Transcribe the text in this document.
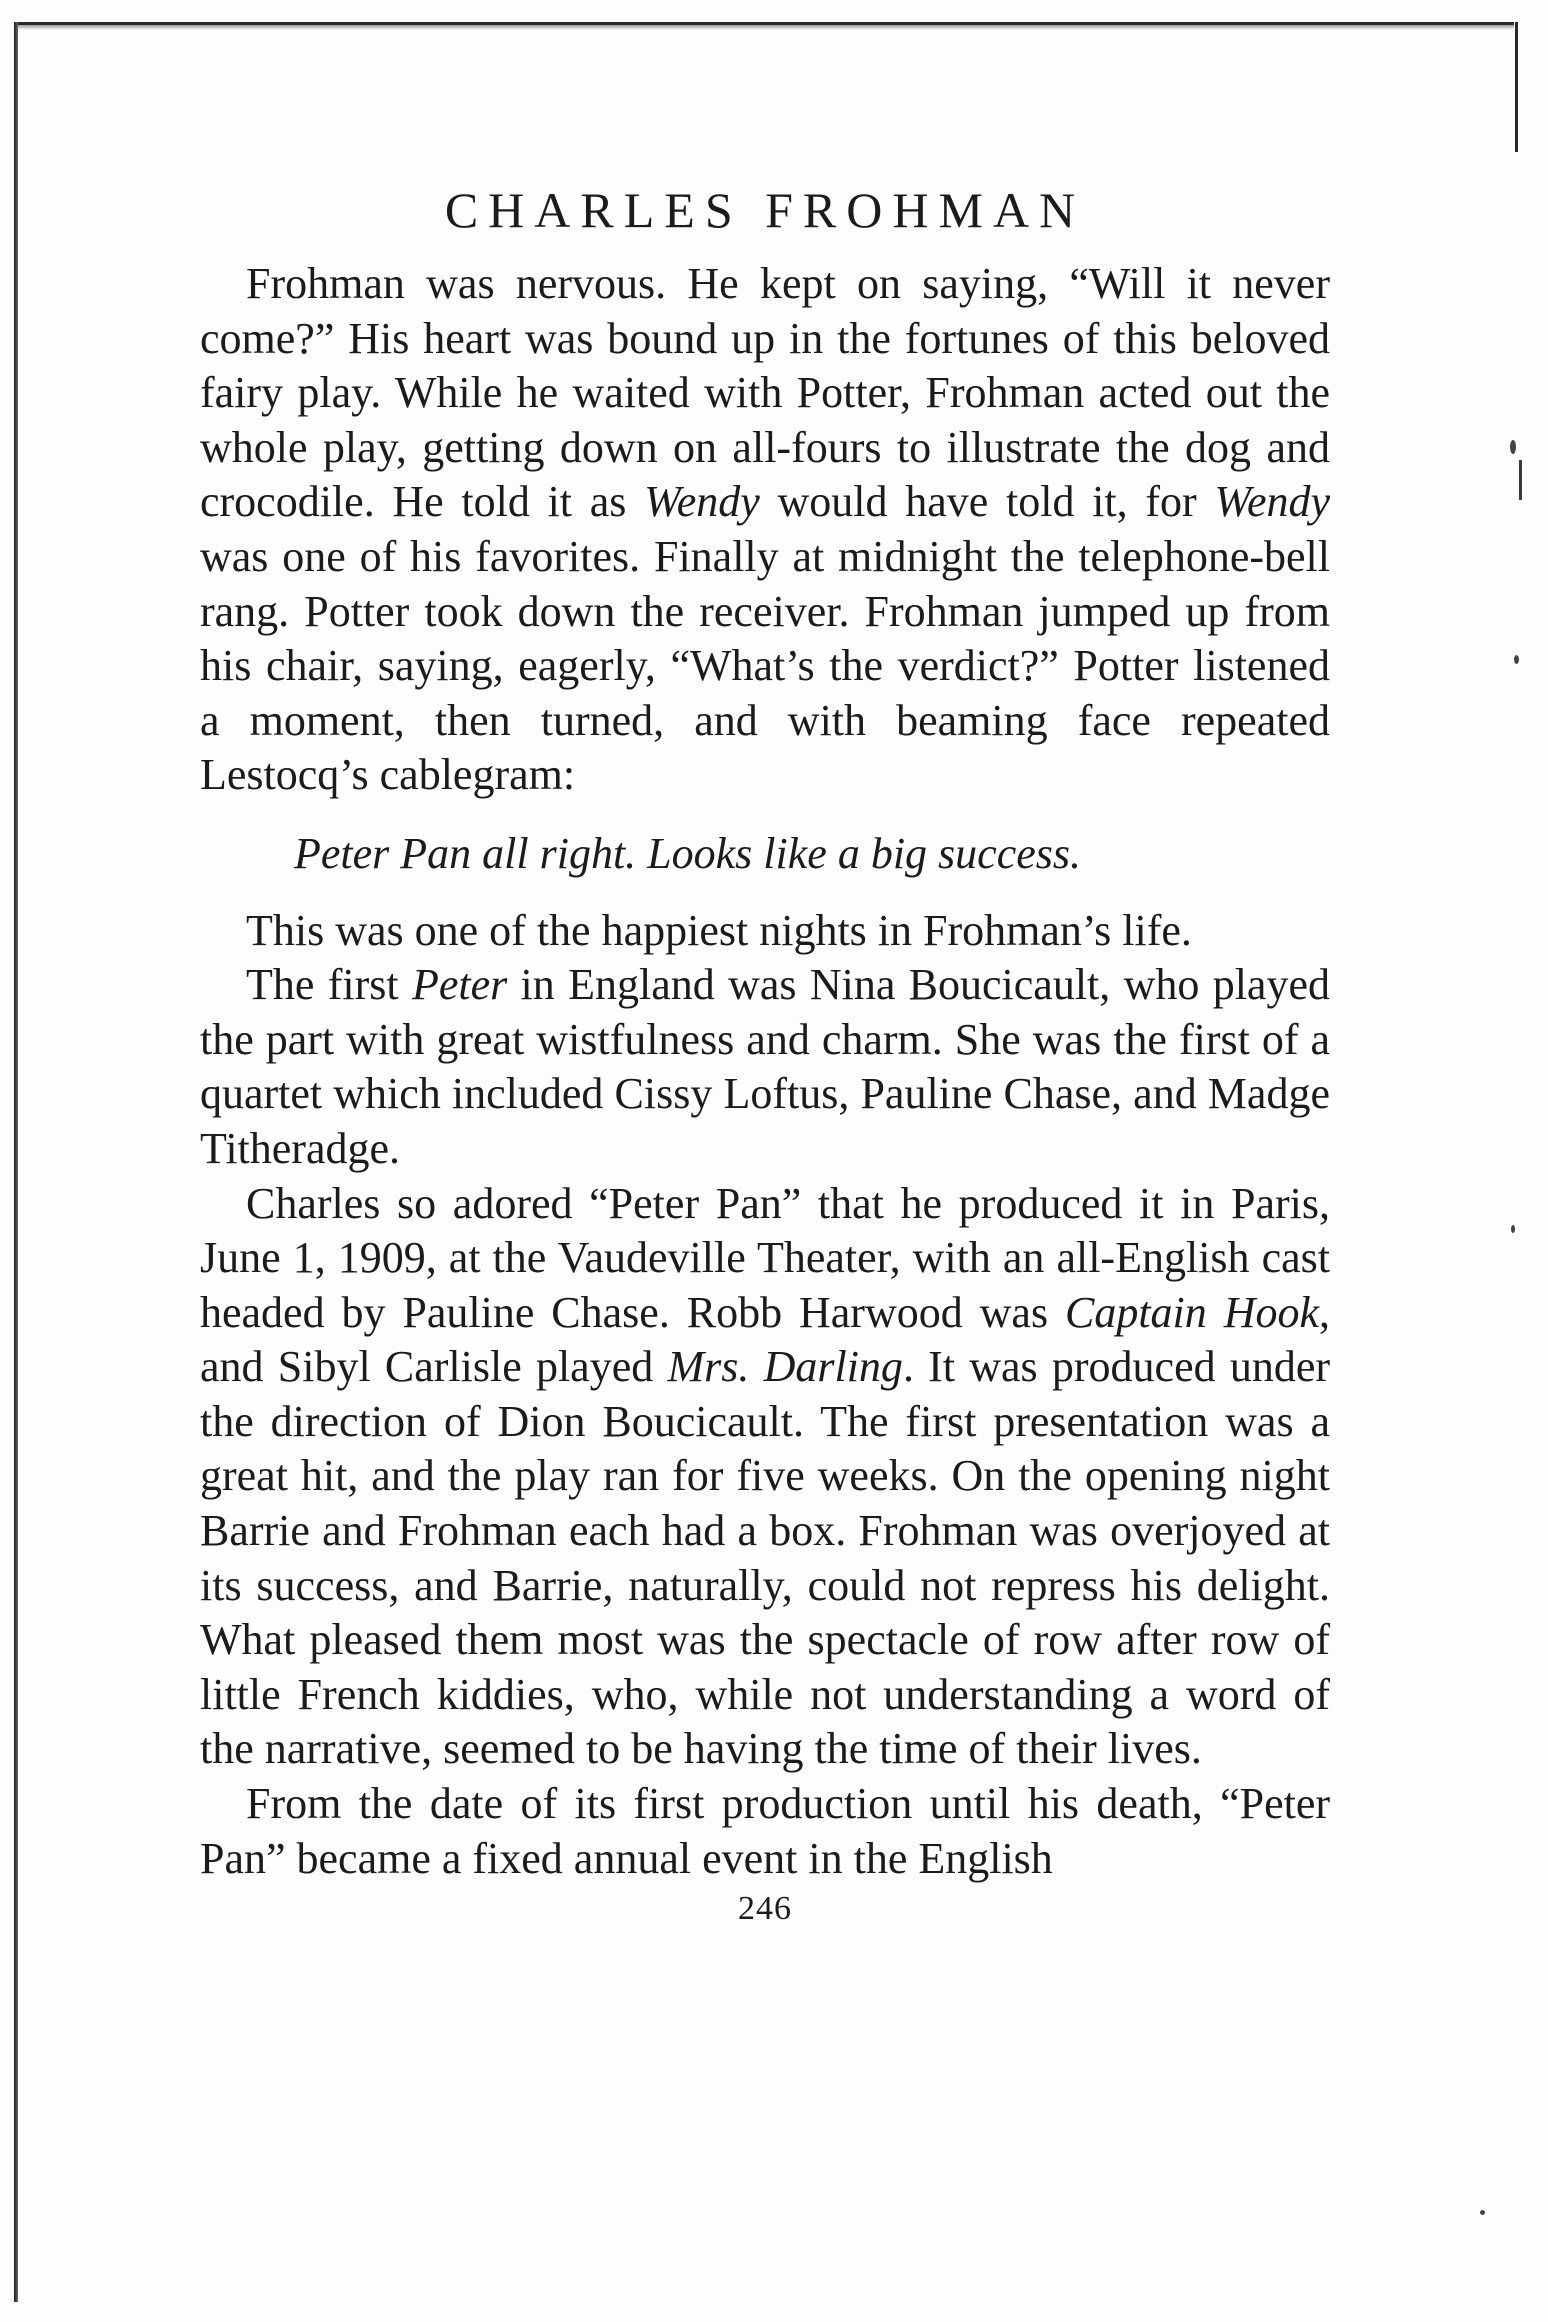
CHARLES FROHMAN

Frohman was nervous. He kept on saying, “Will it never come?” His heart was bound up in the fortunes of this beloved fairy play. While he waited with Potter, Frohman acted out the whole play, getting down on all-fours to illustrate the dog and crocodile. He told it as Wendy would have told it, for Wendy was one of his favorites. Finally at midnight the telephone-bell rang. Potter took down the receiver. Frohman jumped up from his chair, saying, eagerly, “What’s the verdict?” Potter listened a moment, then turned, and with beaming face repeated Lestocq’s cablegram:

Peter Pan all right. Looks like a big success.

This was one of the happiest nights in Frohman’s life.

The first Peter in England was Nina Boucicault, who played the part with great wistfulness and charm. She was the first of a quartet which included Cissy Loftus, Pauline Chase, and Madge Titheradge.

Charles so adored “Peter Pan” that he produced it in Paris, June 1, 1909, at the Vaudeville Theater, with an all-English cast headed by Pauline Chase. Robb Harwood was Captain Hook, and Sibyl Carlisle played Mrs. Darling. It was produced under the direction of Dion Boucicault. The first presentation was a great hit, and the play ran for five weeks. On the opening night Barrie and Frohman each had a box. Frohman was overjoyed at its success, and Barrie, naturally, could not repress his delight. What pleased them most was the spectacle of row after row of little French kiddies, who, while not understanding a word of the narrative, seemed to be having the time of their lives.

From the date of its first production until his death, “Peter Pan” became a fixed annual event in the English

246
